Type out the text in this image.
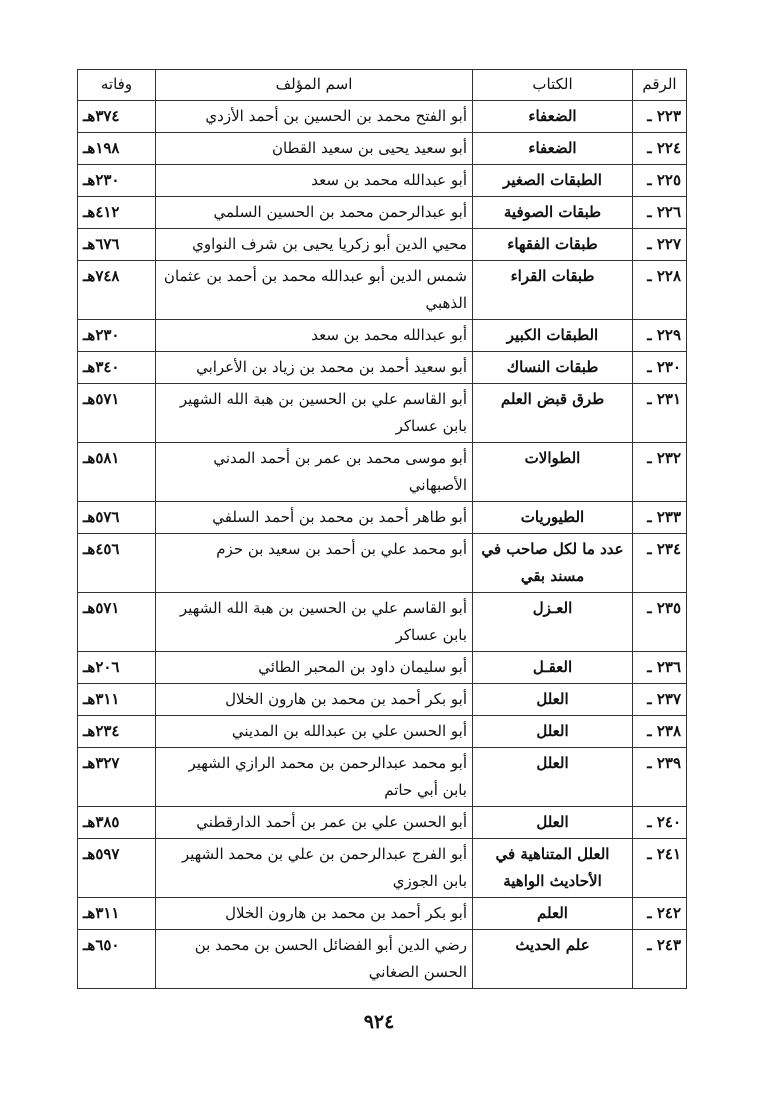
الرقم	الكتاب	اسم المؤلف	وفاته
٢٢٣ ـ	الضعفاء	أبو الفتح محمد بن الحسين بن أحمد الأزدي	٣٧٤هـ
٢٢٤ ـ	الضعفاء	أبو سعيد يحيى بن سعيد القطان	١٩٨هـ
٢٢٥ ـ	الطبقات الصغير	أبو عبدالله محمد بن سعد	٢٣٠هـ
٢٢٦ ـ	طبقات الصوفية	أبو عبدالرحمن محمد بن الحسين السلمي	٤١٢هـ
٢٢٧ ـ	طبقات الفقهاء	محيي الدين أبو زكريا يحيى بن شرف النواوي	٦٧٦هـ
٢٢٨ ـ	طبقات القراء	شمس الدين أبو عبدالله محمد بن أحمد بن عثمان الذهبي	٧٤٨هـ
٢٢٩ ـ	الطبقات الكبير	أبو عبدالله محمد بن سعد	٢٣٠هـ
٢٣٠ ـ	طبقات النساك	أبو سعيد أحمد بن محمد بن زياد بن الأعرابي	٣٤٠هـ
٢٣١ ـ	طرق قبض العلم	أبو القاسم علي بن الحسين بن هبة الله الشهير بابن عساكر	٥٧١هـ
٢٣٢ ـ	الطوالات	أبو موسى محمد بن عمر بن أحمد المدني الأصبهاني	٥٨١هـ
٢٣٣ ـ	الطيوريات	أبو طاهر أحمد بن محمد بن أحمد السلفي	٥٧٦هـ
٢٣٤ ـ	عدد ما لكل صاحب في مسند بقي	أبو محمد علي بن أحمد بن سعيد بن حزم	٤٥٦هـ
٢٣٥ ـ	العـزل	أبو القاسم علي بن الحسين بن هبة الله الشهير بابن عساكر	٥٧١هـ
٢٣٦ ـ	العقـل	أبو سليمان داود بن المحبر الطائي	٢٠٦هـ
٢٣٧ ـ	العلل	أبو بكر أحمد بن محمد بن هارون الخلال	٣١١هـ
٢٣٨ ـ	العلل	أبو الحسن علي بن عبدالله بن المديني	٢٣٤هـ
٢٣٩ ـ	العلل	أبو محمد عبدالرحمن بن محمد الرازي الشهير بابن أبي حاتم	٣٢٧هـ
٢٤٠ ـ	العلل	أبو الحسن علي بن عمر بن أحمد الدارقطني	٣٨٥هـ
٢٤١ ـ	العلل المتناهية في الأحاديث الواهية	أبو الفرج عبدالرحمن بن علي بن محمد الشهير بابن الجوزي	٥٩٧هـ
٢٤٢ ـ	العلم	أبو بكر أحمد بن محمد بن هارون الخلال	٣١١هـ
٢٤٣ ـ	علم الحديث	رضي الدين أبو الفضائل الحسن بن محمد بن الحسن الصغاني	٦٥٠هـ
٩٢٤
